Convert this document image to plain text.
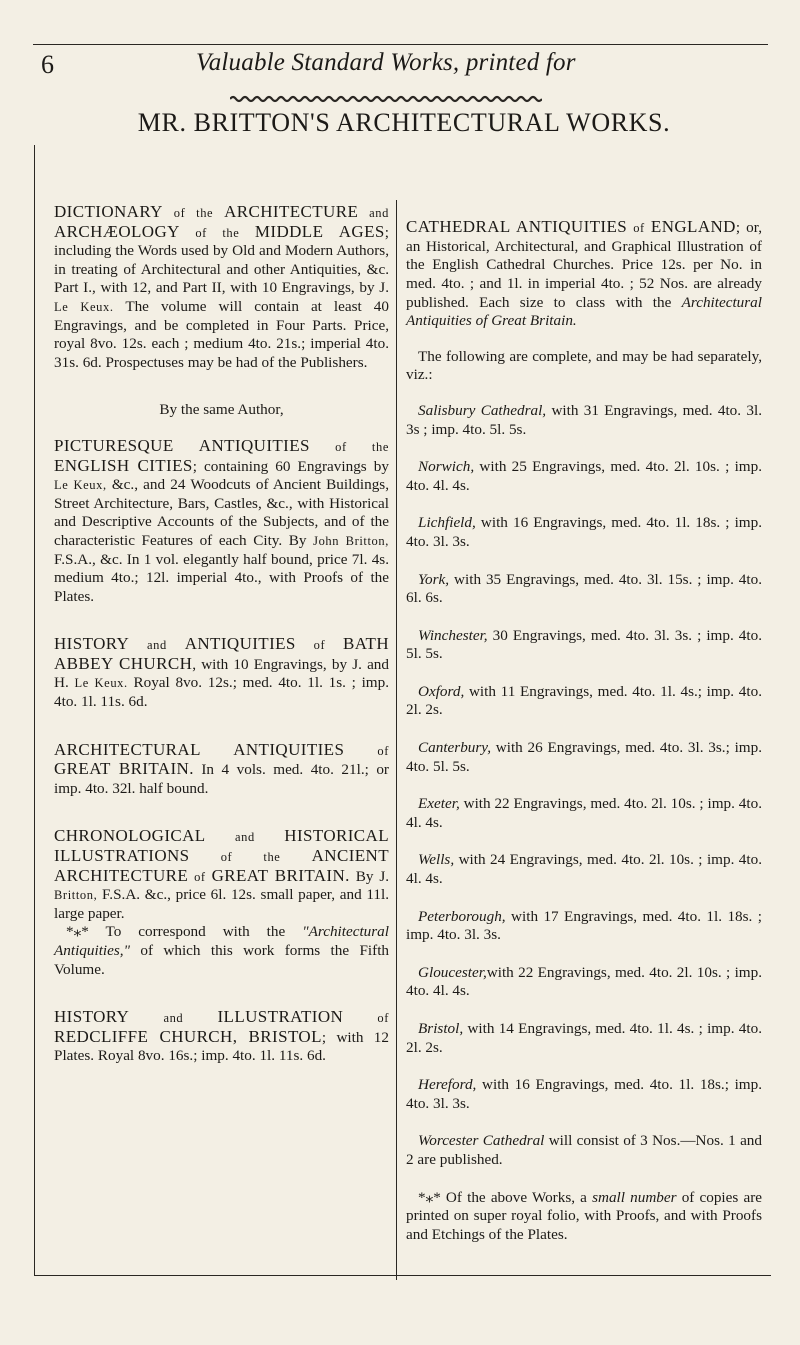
6	Valuable Standard Works, printed for
MR. BRITTON'S ARCHITECTURAL WORKS.

DICTIONARY of the ARCHITECTURE and ARCHÆOLOGY of the MIDDLE AGES; including the Words used by Old and Modern Authors, in treating of Architectural and other Antiquities, &c. Part I., with 12, and Part II, with 10 Engravings, by J. Le Keux. The volume will contain at least 40 Engravings, and be completed in Four Parts. Price, royal 8vo. 12s. each ; medium 4to. 21s.; imperial 4to. 31s. 6d. Prospectuses may be had of the Publishers.

By the same Author,

PICTURESQUE ANTIQUITIES of the ENGLISH CITIES; containing 60 Engravings by Le Keux, &c., and 24 Woodcuts of Ancient Buildings, Street Architecture, Bars, Castles, &c., with Historical and Descriptive Accounts of the Subjects, and of the characteristic Features of each City. By John Britton, F.S.A., &c. In 1 vol. elegantly half bound, price 7l. 4s. medium 4to.; 12l. imperial 4to., with Proofs of the Plates.

HISTORY and ANTIQUITIES of BATH ABBEY CHURCH, with 10 Engravings, by J. and H. Le Keux. Royal 8vo. 12s.; med. 4to. 1l. 1s. ; imp. 4to. 1l. 11s. 6d.

ARCHITECTURAL ANTIQUITIES	of GREAT BRITAIN. In 4 vols. med. 4to. 21l.; or imp. 4to. 32l. half bound.

CHRONOLOGICAL and HISTORICAL ILLUSTRATIONS of the ANCIENT ARCHITECTURE of GREAT BRITAIN. By J. Britton, F.S.A. &c., price 6l. 12s. small paper, and 11l. large paper.

*⁎* To correspond with the "Architectural Antiquities," of which this work forms the Fifth Volume.

HISTORY	and ILLUSTRATION	of REDCLIFFE CHURCH, BRISTOL; with 12 Plates. Royal 8vo. 16s.; imp. 4to. 1l. 11s. 6d.

CATHEDRAL ANTIQUITIES of ENGLAND; or, an Historical, Architectural, and Graphical Illustration of the English Cathedral Churches. Price 12s. per No. in med. 4to. ; and 1l. in imperial 4to. ; 52 Nos. are already published. Each size to class with the Architectural Antiquities of Great Britain.

The following are complete, and may be had separately, viz.:

Salisbury Cathedral, with 31 Engravings, med. 4to. 3l. 3s ; imp. 4to. 5l. 5s.

Norwich, with 25 Engravings, med. 4to. 2l. 10s. ; imp. 4to. 4l. 4s.

Lichfield, with 16 Engravings, med. 4to. 1l. 18s. ; imp. 4to. 3l. 3s.

York, with 35 Engravings, med. 4to. 3l. 15s. ; imp. 4to. 6l. 6s.

Winchester, 30 Engravings, med. 4to. 3l. 3s. ; imp. 4to. 5l. 5s.

Oxford, with 11 Engravings, med. 4to. 1l. 4s.; imp. 4to. 2l. 2s.

Canterbury, with 26 Engravings, med. 4to. 3l. 3s.; imp. 4to. 5l. 5s.

Exeter, with 22 Engravings, med. 4to. 2l. 10s. ; imp. 4to. 4l. 4s.

Wells, with 24 Engravings, med. 4to. 2l. 10s. ; imp. 4to. 4l. 4s.

Peterborough, with 17 Engravings, med. 4to. 1l. 18s. ; imp. 4to. 3l. 3s.

Gloucester,with 22 Engravings, med. 4to. 2l. 10s. ; imp. 4to. 4l. 4s.

Bristol, with 14 Engravings, med. 4to. 1l. 4s. ; imp. 4to. 2l. 2s.

Hereford, with 16 Engravings, med. 4to. 1l. 18s.; imp. 4to. 3l. 3s.

Worcester Cathedral will consist of 3 Nos.—Nos. 1 and 2 are published.

*⁎* Of the above Works, a small number of copies are printed on super royal folio, with Proofs, and with Proofs and Etchings of the Plates.
